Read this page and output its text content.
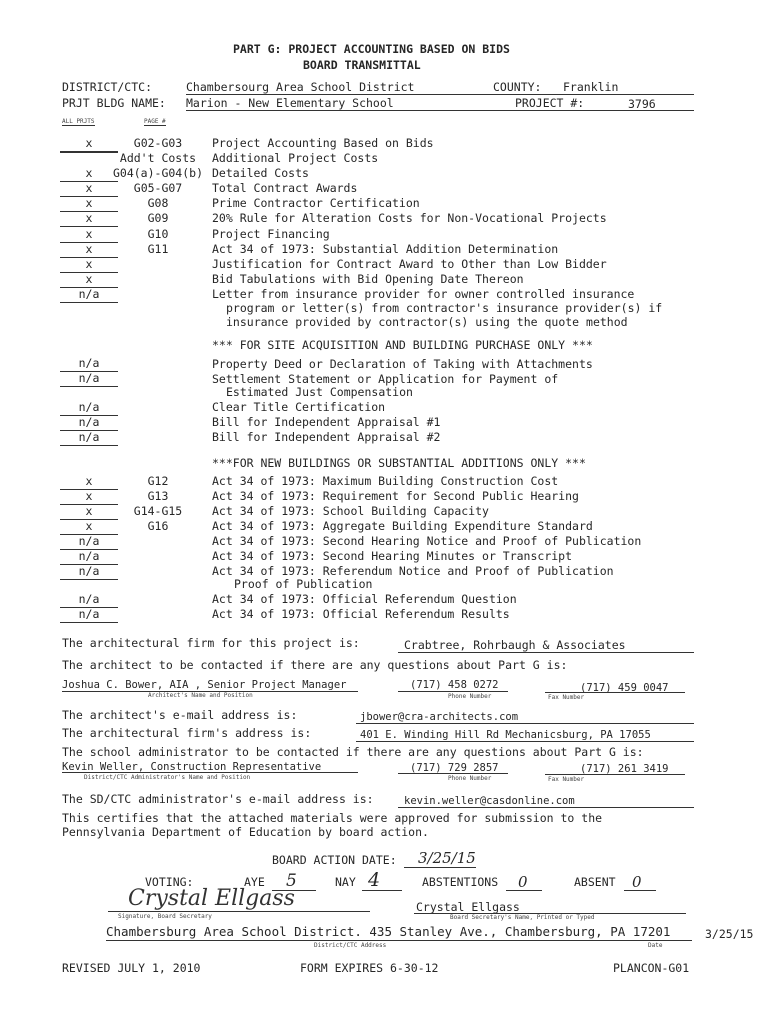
PART G: PROJECT ACCOUNTING BASED ON BIDS
BOARD TRANSMITTAL
DISTRICT/CTC:	Chambersourg Area School District	COUNTY: Franklin
PRJT BLDG NAME: Marion - New Elementary School	PROJECT #:	3796
ALL PRJTS	PAGE #
x	G02-G03	Project Accounting Based on Bids
Add't Costs	Additional Project Costs
x	G04(a)-G04(b) Detailed Costs
x	G05-G07	Total Contract Awards
x	G08	Prime Contractor Certification
x	G09	20% Rule for Alteration Costs for Non-Vocational Projects
x	G10	Project Financing
x	G11	Act 34 of 1973: Substantial Addition Determination
x	Justification for Contract Award to Other than Low Bidder
x	Bid Tabulations with Bid Opening Date Thereon
n/a	Letter from insurance provider for owner controlled insurance
program or letter(s) from contractor's insurance provider(s) if
insurance provided by contractor(s) using the quote method
*** FOR SITE ACQUISITION AND BUILDING PURCHASE ONLY ***
n/a	Property Deed or Declaration of Taking with Attachments
n/a	Settlement Statement or Application for Payment of
Estimated Just Compensation
n/a	Clear Title Certification
n/a	Bill for Independent Appraisal #1
n/a	Bill for Independent Appraisal #2
***FOR NEW BUILDINGS OR SUBSTANTIAL ADDITIONS ONLY ***
x	G12	Act 34 of 1973: Maximum Building Construction Cost
x	G13	Act 34 of 1973: Requirement for Second Public Hearing
x	G14-G15	Act 34 of 1973: School Building Capacity
x	G16	Act 34 of 1973: Aggregate Building Expenditure Standard
n/a	Act 34 of 1973: Second Hearing Notice and Proof of Publication
n/a	Act 34 of 1973: Second Hearing Minutes or Transcript
n/a	Act 34 of 1973: Referendum Notice and Proof of Publication
Proof of Publication
n/a	Act 34 of 1973: Official Referendum Question
n/a	Act 34 of 1973: Official Referendum Results
The architectural firm for this project is:	Crabtree, Rohrbaugh & Associates
The architect to be contacted if there are any questions about Part G is:
Joshua C. Bower, AIA , Senior Project Manager	(717) 458 0272	(717) 459 0047
Architect's Name and Position	Phone Number	Fax Number
The architect's e-mail address is:	jbower@cra-architects.com
The architectural firm's address is:	401 E. Winding Hill Rd Mechanicsburg, PA 17055
The school administrator to be contacted if there are any questions about Part G is:
Kevin Weller, Construction Representative	(717) 729 2857	(717) 261 3419
District/CTC Administrator's Name and Position	Phone Number	Fax Number
The SD/CTC administrator's e-mail address is:	kevin.weller@casdonline.com
This certifies that the attached materials were approved for submission to the
Pennsylvania Department of Education by board action.
BOARD ACTION DATE: 3/25/15
VOTING:	AYE 5	NAY 4	ABSTENTIONS 0	ABSENT 0
Crystal Ellgass
Signature, Board Secretary
Crystal Ellgass
Board Secretary's Name, Printed or Typed
Chambersburg Area School District. 435 Stanley Ave., Chambersburg, PA 17201	3/25/15
District/CTC Address	Date
REVISED JULY 1, 2010	FORM EXPIRES 6-30-12	PLANCON-G01
